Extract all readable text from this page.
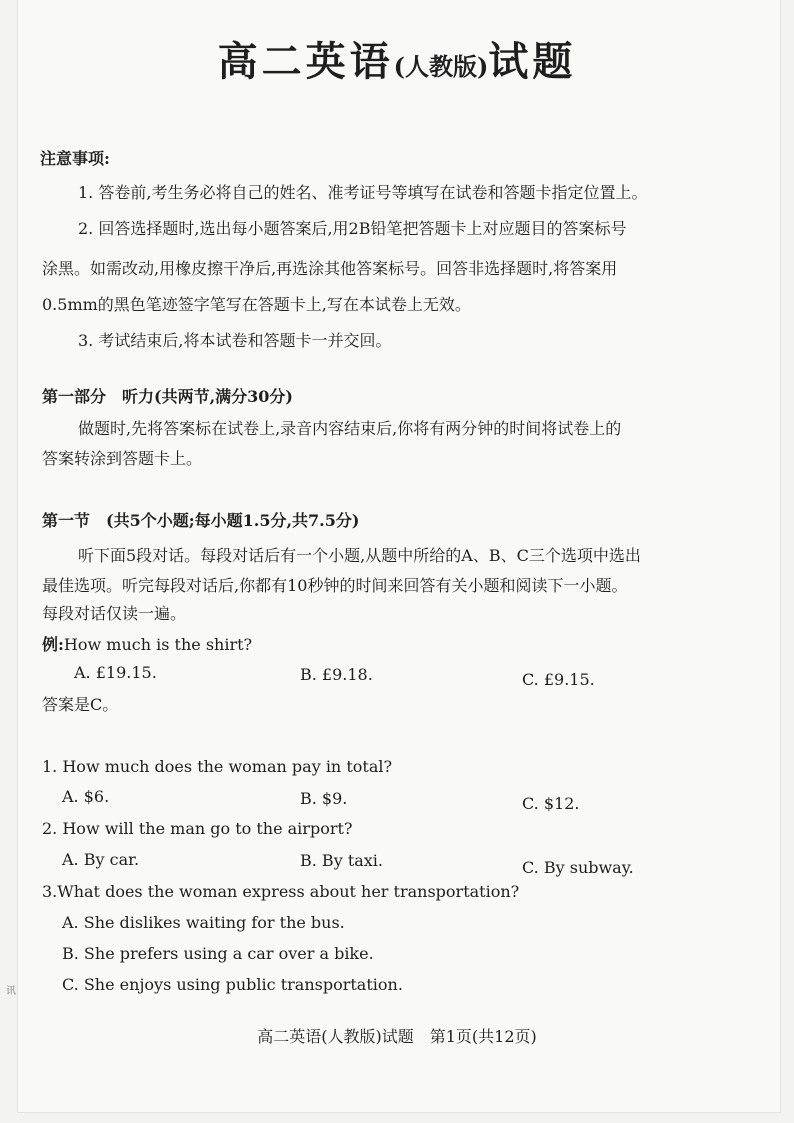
高二英语(人教版)试题
注意事项:
1. 答卷前,考生务必将自己的姓名、准考证号等填写在试卷和答题卡指定位置上。
2. 回答选择题时,选出每小题答案后,用2B铅笔把答题卡上对应题目的答案标号
涂黑。如需改动,用橡皮擦干净后,再选涂其他答案标号。回答非选择题时,将答案用
0.5mm的黑色笔迹签字笔写在答题卡上,写在本试卷上无效。
3. 考试结束后,将本试卷和答题卡一并交回。
第一部分　听力(共两节,满分30分)
做题时,先将答案标在试卷上,录音内容结束后,你将有两分钟的时间将试卷上的
答案转涂到答题卡上。
第一节　(共5个小题;每小题1.5分,共7.5分)
听下面5段对话。每段对话后有一个小题,从题中所给的A、B、C三个选项中选出
最佳选项。听完每段对话后,你都有10秒钟的时间来回答有关小题和阅读下一小题。
每段对话仅读一遍。
例:How much is the shirt?
A. £19.15.	B. £9.18.	C. £9.15.
答案是C。
1. How much does the woman pay in total?
A. $6.	B. $9.	C. $12.
2. How will the man go to the airport?
A. By car.	B. By taxi.	C. By subway.
3.What does the woman express about her transportation?
A. She dislikes waiting for the bus.
B. She prefers using a car over a bike.
C. She enjoys using public transportation.
讯
高二英语(人教版)试题　第1页(共12页)
